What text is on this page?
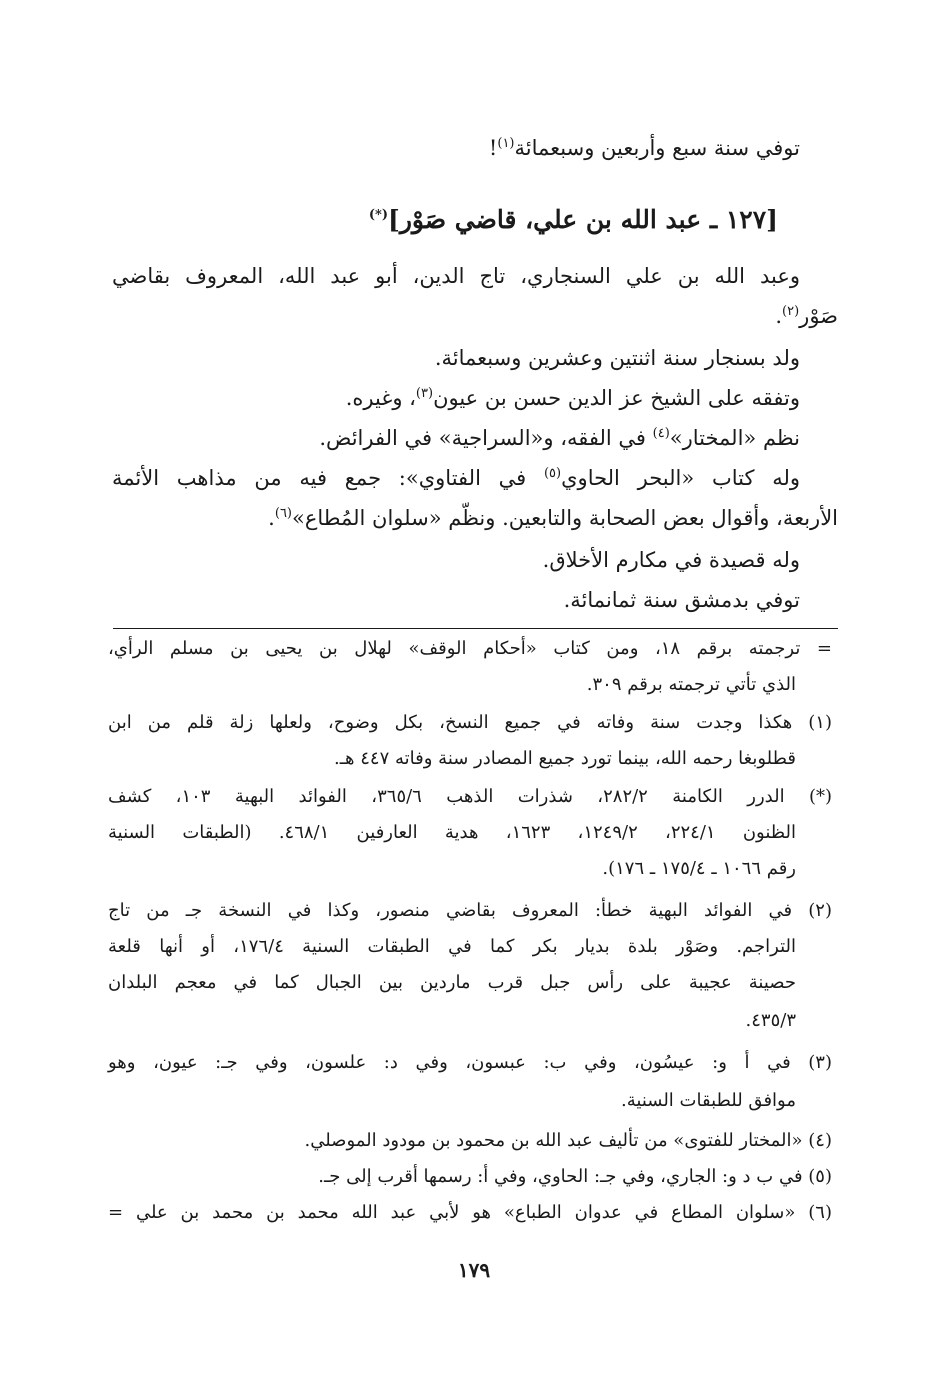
توفي سنة سبع وأربعين وسبعمائة$^{(١)}$!
[١٢٧ ـ عبد الله بن علي، قاضي صَوْر](*)
وعبد الله بن علي السنجاري، تاج الدين، أبو عبد الله، المعروف بقاضي
صَوْر$^{(٢)}$.
ولد بسنجار سنة اثنتين وعشرين وسبعمائة.
وتفقه على الشيخ عز الدين حسن بن عيون$^{(٣)}$، وغيره.
نظم «المختار»$^{(٤)}$ في الفقه، و«السراجية» في الفرائض.
وله كتاب «البحر الحاوي$^{(٥)}$ في الفتاوي»: جمع فيه من مذاهب الأئمة
الأربعة، وأقوال بعض الصحابة والتابعين. ونظّم «سلوان المُطاع»$^{(٦)}$.
وله قصيدة في مكارم الأخلاق.
توفي بدمشق سنة ثمانمائة.
= ترجمته برقم ١٨، ومن كتاب «أحكام الوقف» لهلال بن يحيى بن مسلم الرأي،
الذي تأتي ترجمته برقم ٣٠٩.
(١) هكذا وجدت سنة وفاته في جميع النسخ، بكل وضوح، ولعلها زلة قلم من ابن
قطلوبغا رحمه الله، بينما تورد جميع المصادر سنة وفاته ٤٤٧ هـ.
(*) الدرر الكامنة ٢٨٢/٢، شذرات الذهب ٣٦٥/٦، الفوائد البهية ١٠٣، كشف
الظنون ٢٢٤/١، ١٢٤٩/٢، ١٦٢٣، هدية العارفين ٤٦٨/١. (الطبقات السنية
رقم ١٠٦٦ ـ ١٧٥/٤ ـ ١٧٦).
(٢) في الفوائد البهية خطأ: المعروف بقاضي منصور، وكذا في النسخة جـ من تاج
التراجم. وصَوْر بلدة بديار بكر كما في الطبقات السنية ١٧٦/٤، أو أنها قلعة
حصينة عجيبة على رأس جبل قرب ماردين بين الجبال كما في معجم البلدان
٤٣٥/٣.
(٣) في أ و: عيسُون، وفي ب: عبسون، وفي د: علسون، وفي جـ: عيون، وهو
موافق للطبقات السنية.
(٤) «المختار للفتوى» من تأليف عبد الله بن محمود بن مودود الموصلي.
(٥) في ب د و: الجاري، وفي جـ: الحاوي، وفي أ: رسمها أقرب إلى جـ.
(٦) «سلوان المطاع في عدوان الطباع» هو لأبي عبد الله محمد بن محمد بن علي =
١٧٩
